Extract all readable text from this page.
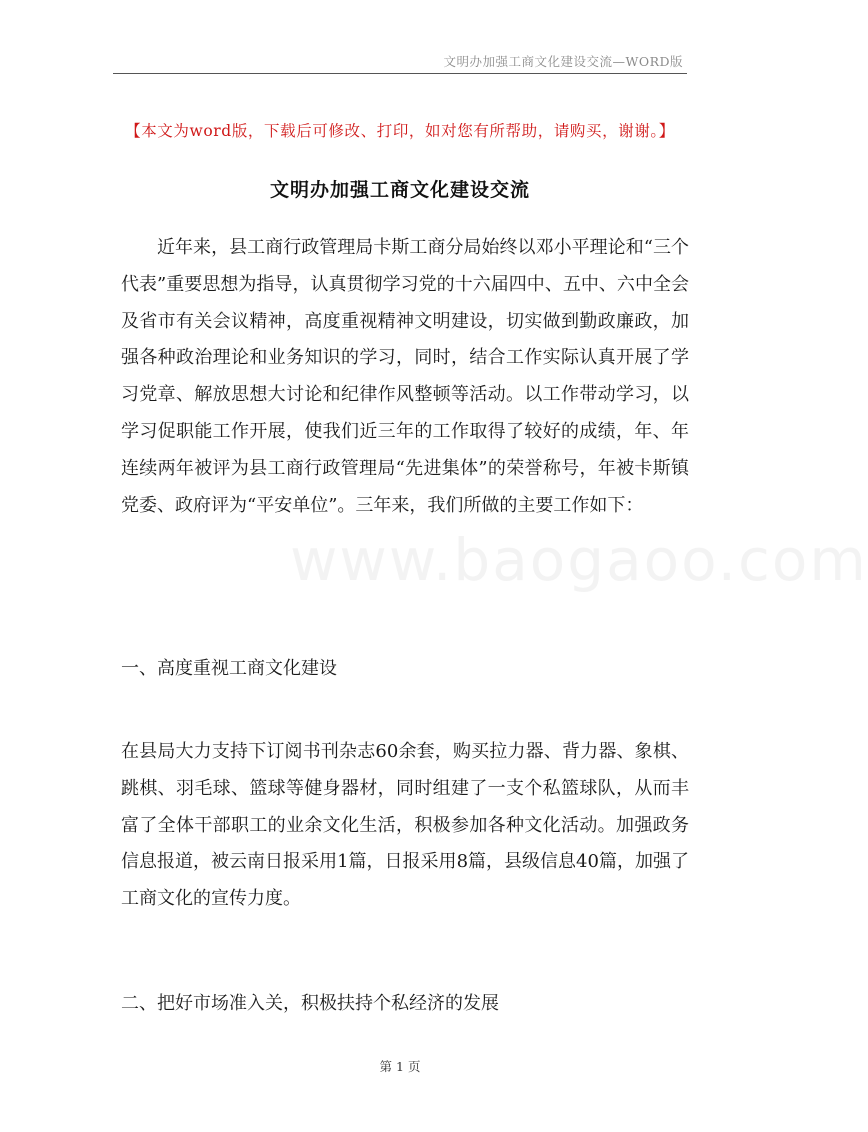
文明办加强工商文化建设交流—WORD版
【本文为word版，下载后可修改、打印，如对您有所帮助，请购买，谢谢。】
文明办加强工商文化建设交流
近年来，县工商行政管理局卡斯工商分局始终以邓小平理论和“三个代表”重要思想为指导，认真贯彻学习党的十六届四中、五中、六中全会及省市有关会议精神，高度重视精神文明建设，切实做到勤政廉政，加强各种政治理论和业务知识的学习，同时，结合工作实际认真开展了学习党章、解放思想大讨论和纪律作风整顿等活动。以工作带动学习，以学习促职能工作开展，使我们近三年的工作取得了较好的成绩，年、年连续两年被评为县工商行政管理局“先进集体”的荣誉称号，年被卡斯镇党委、政府评为“平安单位”。三年来，我们所做的主要工作如下：
一、高度重视工商文化建设
在县局大力支持下订阅书刊杂志60余套，购买拉力器、背力器、象棋、跳棋、羽毛球、篮球等健身器材，同时组建了一支个私篮球队，从而丰富了全体干部职工的业余文化生活，积极参加各种文化活动。加强政务信息报道，被云南日报采用1篇，日报采用8篇，县级信息40篇，加强了工商文化的宣传力度。
二、把好市场准入关，积极扶持个私经济的发展
第 1 页
www.baogaoo.com
